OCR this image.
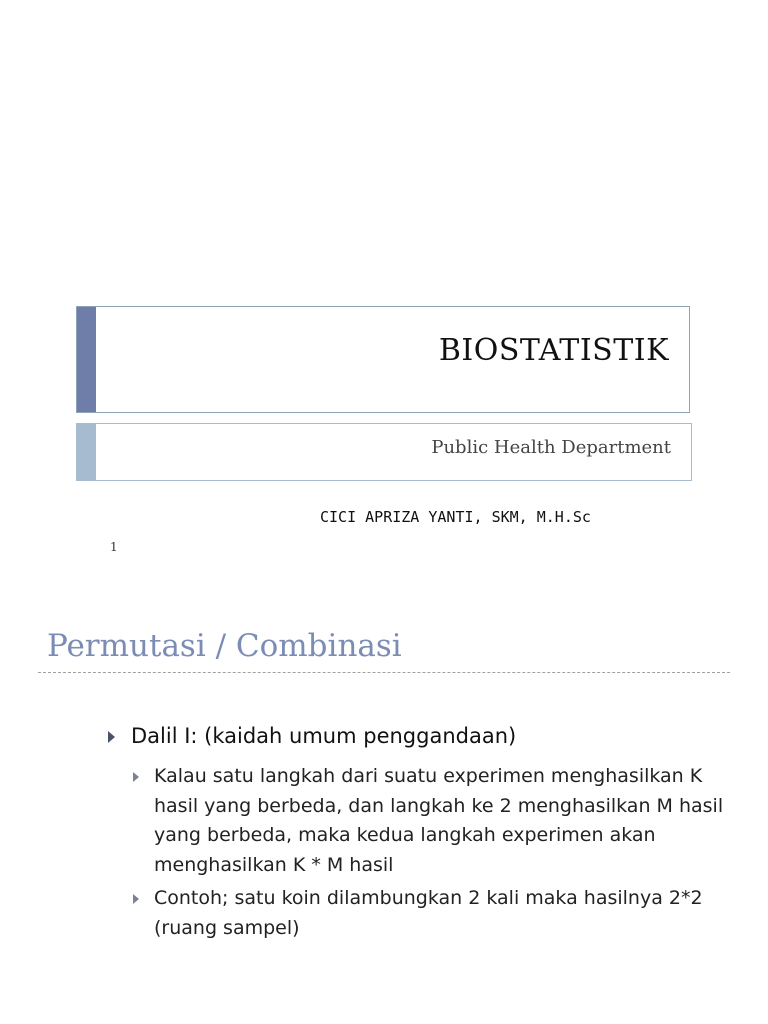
BIOSTATISTIK
Public Health Department
CICI APRIZA YANTI, SKM, M.H.Sc
1
Permutasi / Combinasi
Dalil I: (kaidah umum penggandaan)
Kalau satu langkah dari suatu experimen menghasilkan K
hasil yang berbeda, dan langkah ke 2 menghasilkan M hasil
yang berbeda, maka kedua langkah experimen akan
menghasilkan K * M hasil
Contoh; satu koin dilambungkan 2 kali maka hasilnya 2*2
(ruang sampel)
